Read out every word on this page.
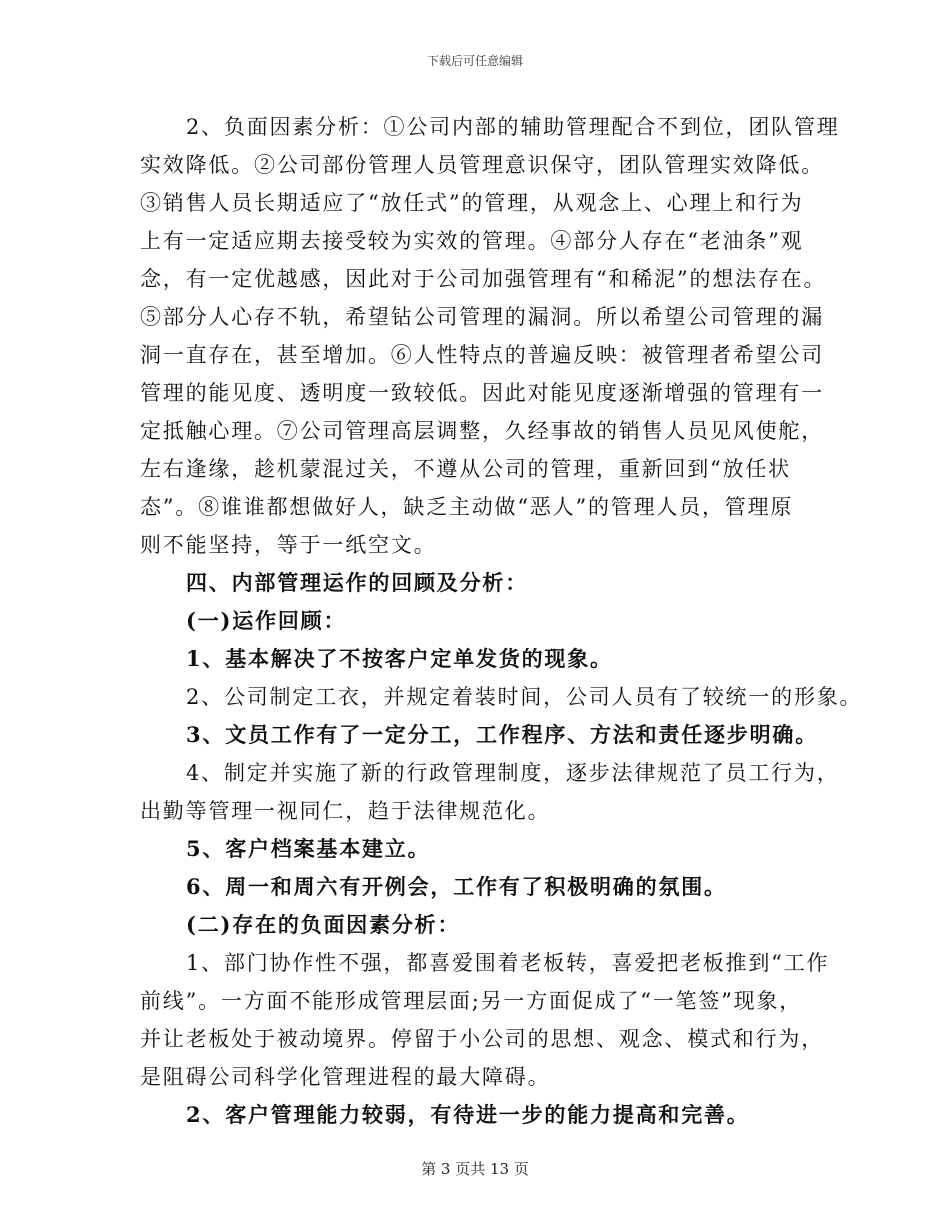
下载后可任意编辑
2、负面因素分析：①公司内部的辅助管理配合不到位，团队管理
实效降低。②公司部份管理人员管理意识保守，团队管理实效降低。
③销售人员长期适应了“放任式”的管理，从观念上、心理上和行为
上有一定适应期去接受较为实效的管理。④部分人存在“老油条”观
念，有一定优越感，因此对于公司加强管理有“和稀泥”的想法存在。
⑤部分人心存不轨，希望钻公司管理的漏洞。所以希望公司管理的漏
洞一直存在，甚至增加。⑥人性特点的普遍反映：被管理者希望公司
管理的能见度、透明度一致较低。因此对能见度逐渐增强的管理有一
定抵触心理。⑦公司管理高层调整，久经事故的销售人员见风使舵，
左右逢缘，趁机蒙混过关，不遵从公司的管理，重新回到“放任状
态”。⑧谁谁都想做好人，缺乏主动做“恶人”的管理人员，管理原
则不能坚持，等于一纸空文。
四、内部管理运作的回顾及分析：
(一)运作回顾：
1、基本解决了不按客户定单发货的现象。
2、公司制定工衣，并规定着装时间，公司人员有了较统一的形象。
3、文员工作有了一定分工，工作程序、方法和责任逐步明确。
4、制定并实施了新的行政管理制度，逐步法律规范了员工行为，
出勤等管理一视同仁，趋于法律规范化。
5、客户档案基本建立。
6、周一和周六有开例会，工作有了积极明确的氛围。
(二)存在的负面因素分析：
1、部门协作性不强，都喜爱围着老板转，喜爱把老板推到“工作
前线”。一方面不能形成管理层面;另一方面促成了“一笔签”现象，
并让老板处于被动境界。停留于小公司的思想、观念、模式和行为，
是阻碍公司科学化管理进程的最大障碍。
2、客户管理能力较弱，有待进一步的能力提高和完善。
第 3 页共 13 页
